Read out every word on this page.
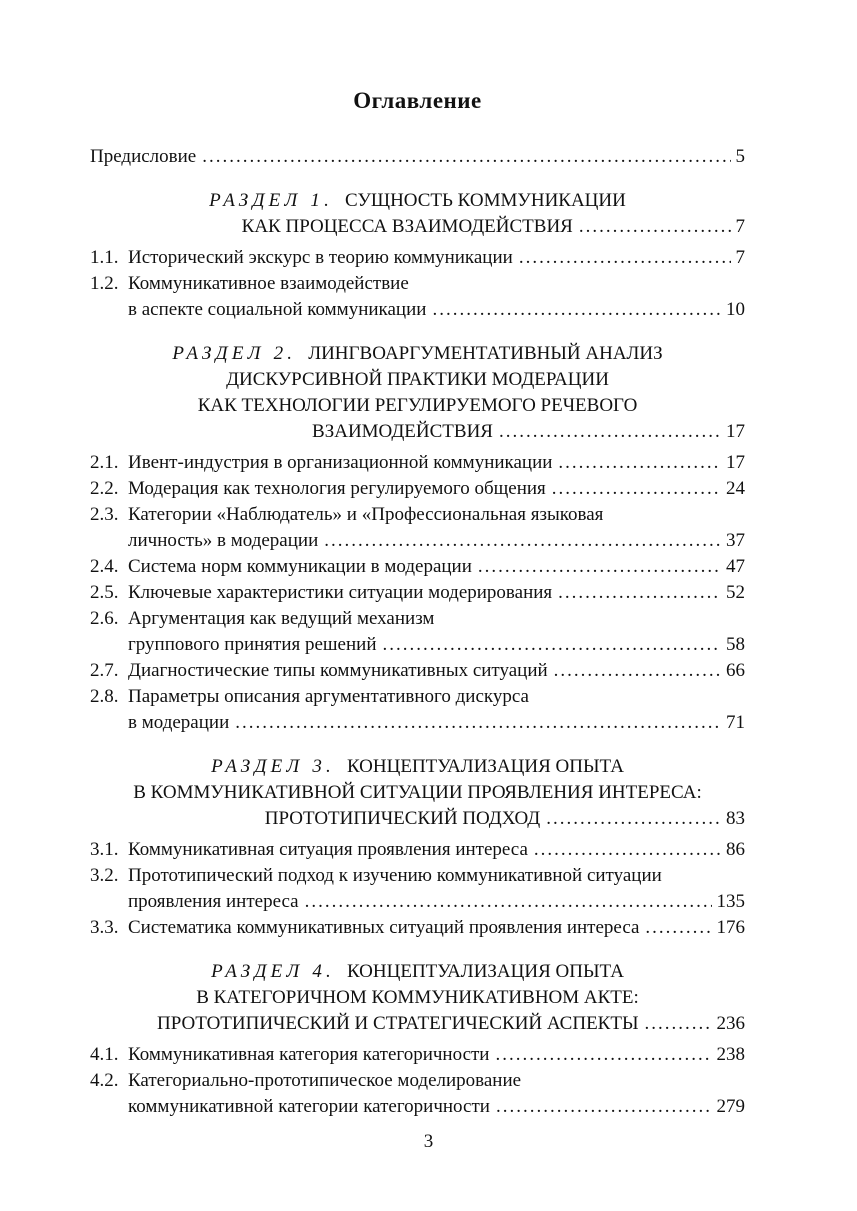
Оглавление
Предисловие .....	5
РАЗДЕЛ 1. СУЩНОСТЬ КОММУНИКАЦИИ
КАК ПРОЦЕССА ВЗАИМОДЕЙСТВИЯ .....	7
1.1. Исторический экскурс в теорию коммуникации .....	7
1.2. Коммуникативное взаимодействие
в аспекте социальной коммуникации .....	10
РАЗДЕЛ 2. ЛИНГВОАРГУМЕНТАТИВНЫЙ АНАЛИЗ
ДИСКУРСИВНОЙ ПРАКТИКИ МОДЕРАЦИИ
КАК ТЕХНОЛОГИИ РЕГУЛИРУЕМОГО РЕЧЕВОГО
ВЗАИМОДЕЙСТВИЯ .....	17
2.1. Ивент-индустрия в организационной коммуникации .....	17
2.2. Модерация как технология регулируемого общения .....	24
2.3. Категории «Наблюдатель» и «Профессиональная языковая
личность» в модерации .....	37
2.4. Система норм коммуникации в модерации .....	47
2.5. Ключевые характеристики ситуации модерирования .....	52
2.6. Аргументация как ведущий механизм
группового принятия решений .....	58
2.7. Диагностические типы коммуникативных ситуаций .....	66
2.8. Параметры описания аргументативного дискурса
в модерации .....	71
РАЗДЕЛ 3. КОНЦЕПТУАЛИЗАЦИЯ ОПЫТА
В КОММУНИКАТИВНОЙ СИТУАЦИИ ПРОЯВЛЕНИЯ ИНТЕРЕСА:
ПРОТОТИПИЧЕСКИЙ ПОДХОД .....	83
3.1. Коммуникативная ситуация проявления интереса .....	86
3.2. Прототипический подход к изучению коммуникативной ситуации
проявления интереса .....	135
3.3. Систематика коммуникативных ситуаций проявления интереса .....	176
РАЗДЕЛ 4. КОНЦЕПТУАЛИЗАЦИЯ ОПЫТА
В КАТЕГОРИЧНОМ КОММУНИКАТИВНОМ АКТЕ:
ПРОТОТИПИЧЕСКИЙ И СТРАТЕГИЧЕСКИЙ АСПЕКТЫ .....	236
4.1. Коммуникативная категория категоричности .....	238
4.2. Категориально-прототипическое моделирование
коммуникативной категории категоричности .....	279
3
